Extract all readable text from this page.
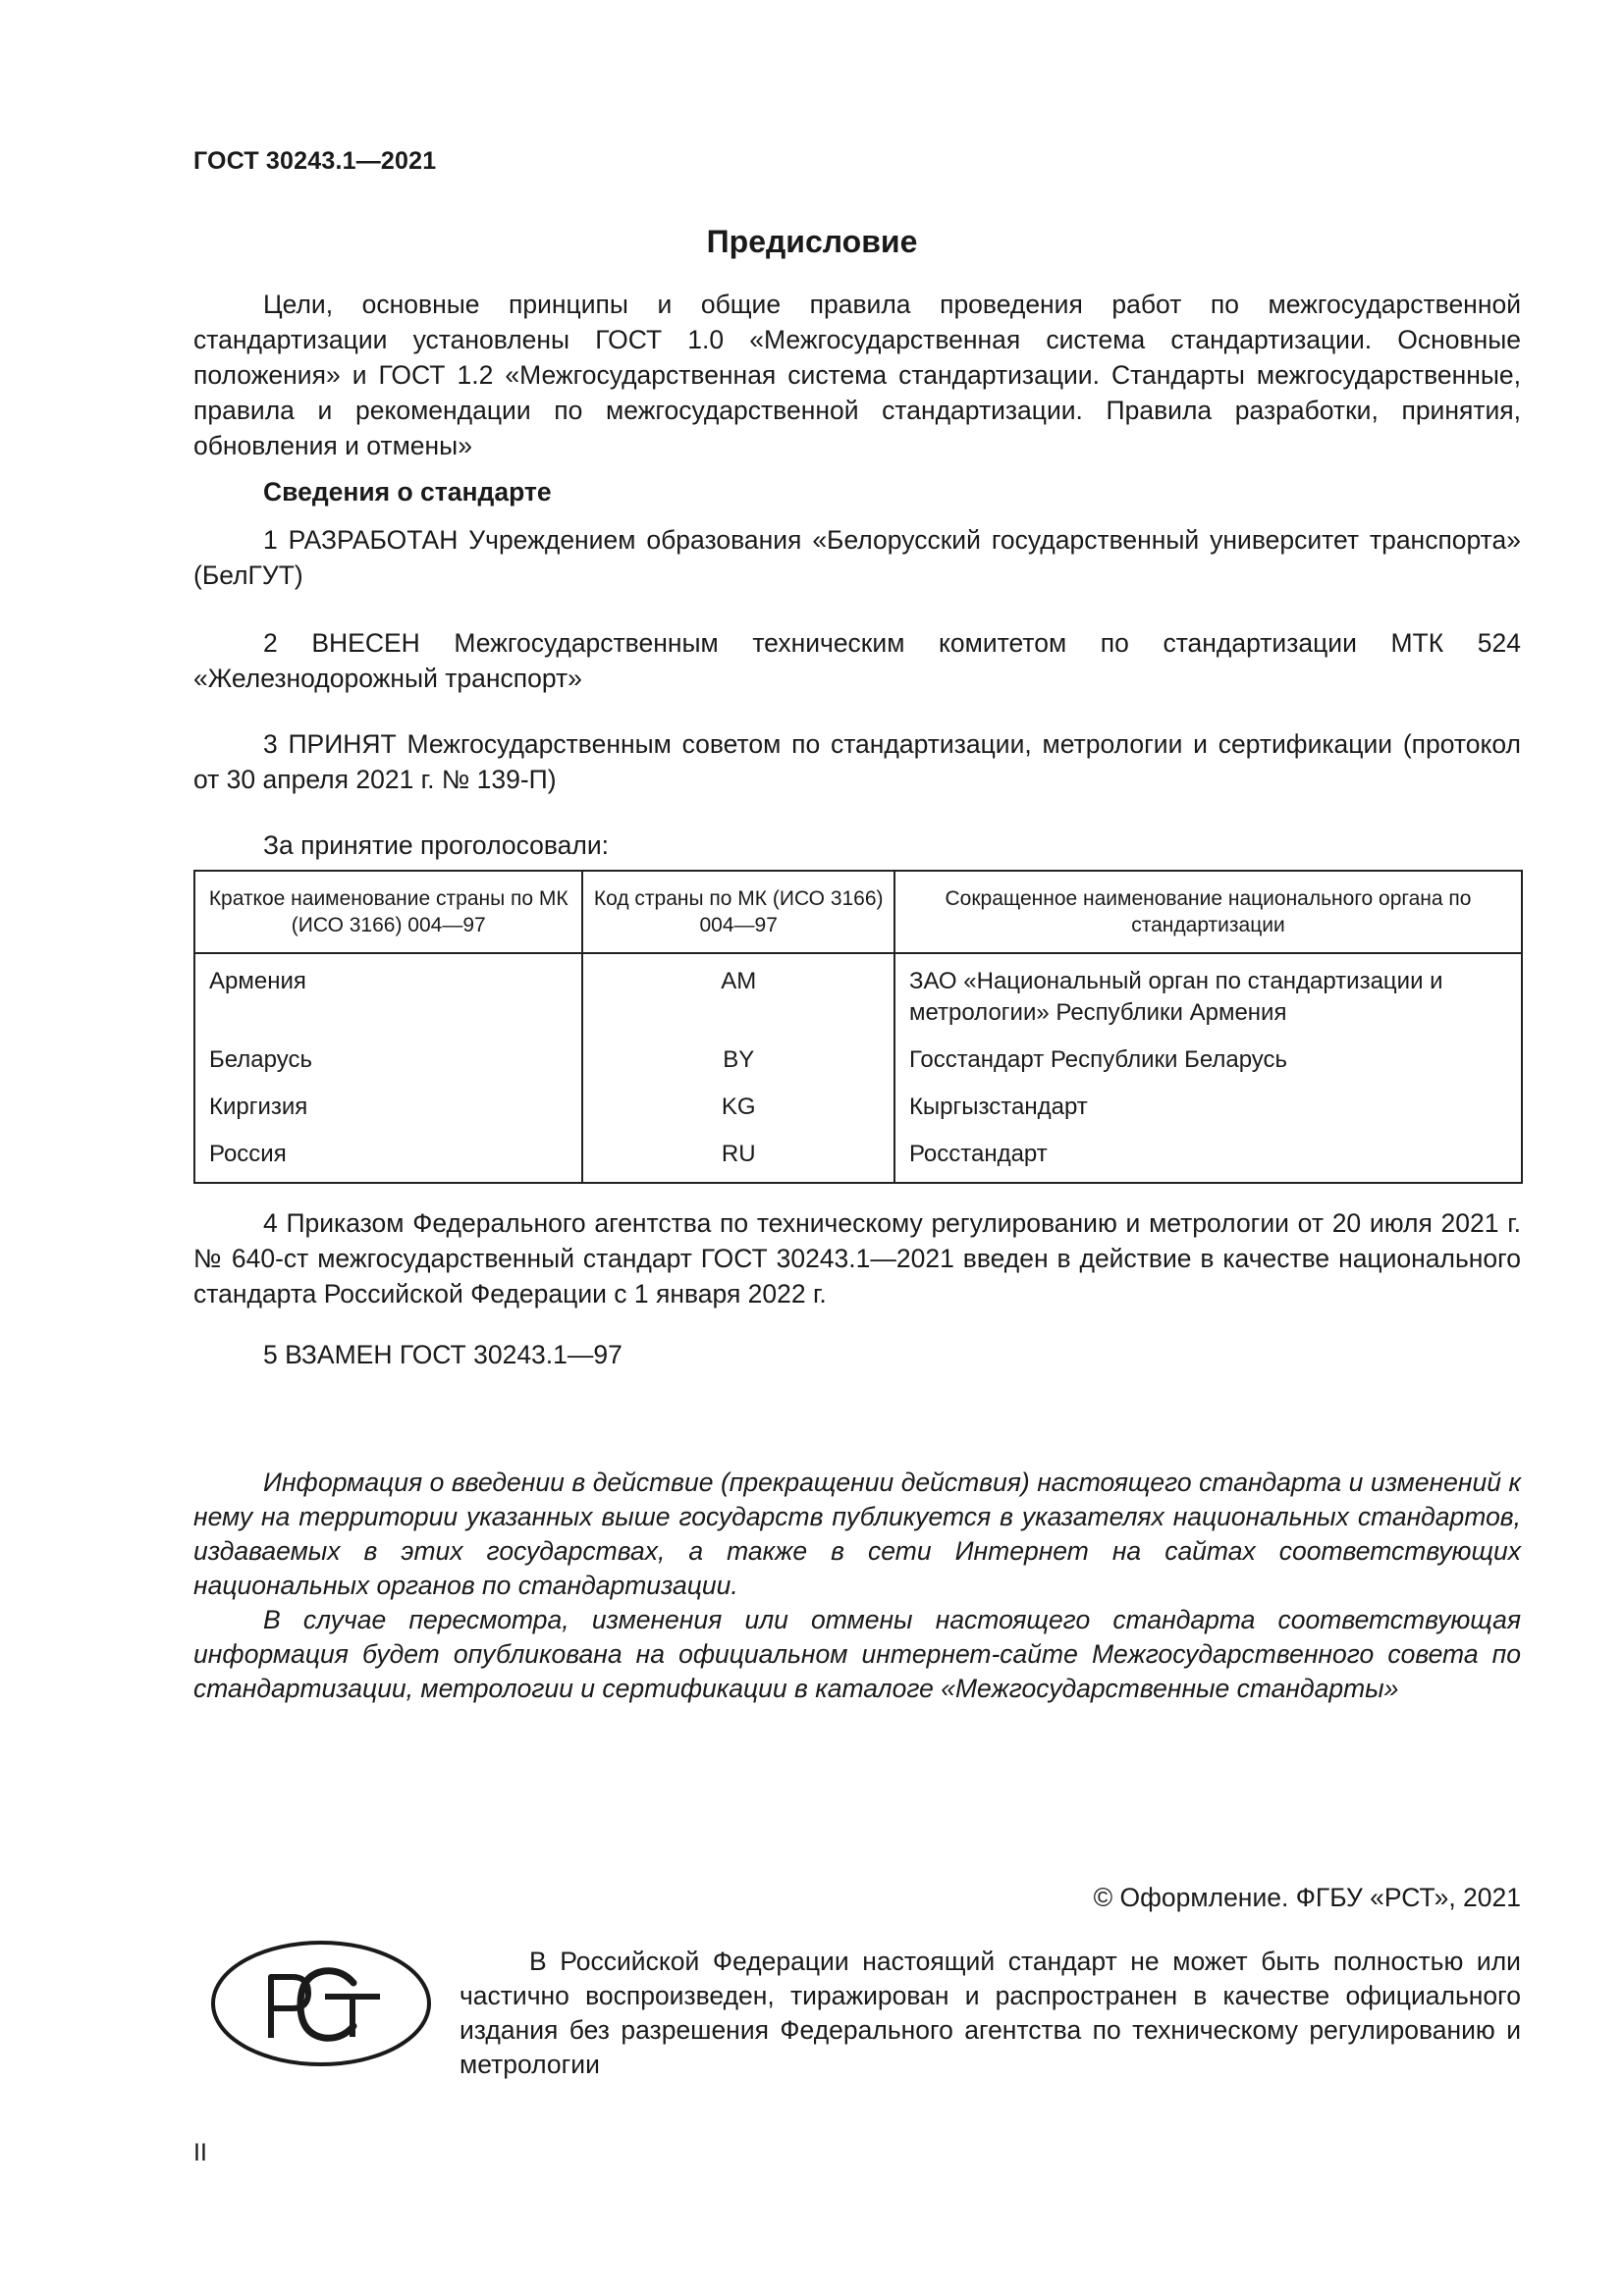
ГОСТ 30243.1—2021
Предисловие

Цели, основные принципы и общие правила проведения работ по межгосударственной стандартизации установлены ГОСТ 1.0 «Межгосударственная система стандартизации. Основные положения» и ГОСТ 1.2 «Межгосударственная система стандартизации. Стандарты межгосударственные, правила и рекомендации по межгосударственной стандартизации. Правила разработки, принятия, обновления и отмены»

Сведения о стандарте

1 РАЗРАБОТАН Учреждением образования «Белорусский государственный университет транспорта» (БелГУТ)

2 ВНЕСЕН Межгосударственным техническим комитетом по стандартизации МТК 524 «Железнодорожный транспорт»

3 ПРИНЯТ Межгосударственным советом по стандартизации, метрологии и сертификации (протокол от 30 апреля 2021 г. № 139-П)

За принятие проголосовали:
Краткое наименование страны по МК (ИСО 3166) 004—97	Код страны по МК (ИСО 3166) 004—97	Сокращенное наименование национального органа по стандартизации
Армения	AM	ЗАО «Национальный орган по стандартизации и метрологии» Республики Армения
Беларусь	BY	Госстандарт Республики Беларусь
Киргизия	KG	Кыргызстандарт
Россия	RU	Росстандарт

4 Приказом Федерального агентства по техническому регулированию и метрологии от 20 июля 2021 г. № 640-ст межгосударственный стандарт ГОСТ 30243.1—2021 введен в действие в качестве национального стандарта Российской Федерации с 1 января 2022 г.

5 ВЗАМЕН ГОСТ 30243.1—97

Информация о введении в действие (прекращении действия) настоящего стандарта и изменений к нему на территории указанных выше государств публикуется в указателях национальных стандартов, издаваемых в этих государствах, а также в сети Интернет на сайтах соответствующих национальных органов по стандартизации.

В случае пересмотра, изменения или отмены настоящего стандарта соответствующая информация будет опубликована на официальном интернет-сайте Межгосударственного совета по стандартизации, метрологии и сертификации в каталоге «Межгосударственные стандарты»

© Оформление. ФГБУ «РСТ», 2021

В Российской Федерации настоящий стандарт не может быть полностью или частично воспроизведен, тиражирован и распространен в качестве официального издания без разрешения Федерального агентства по техническому регулированию и метрологии

II
